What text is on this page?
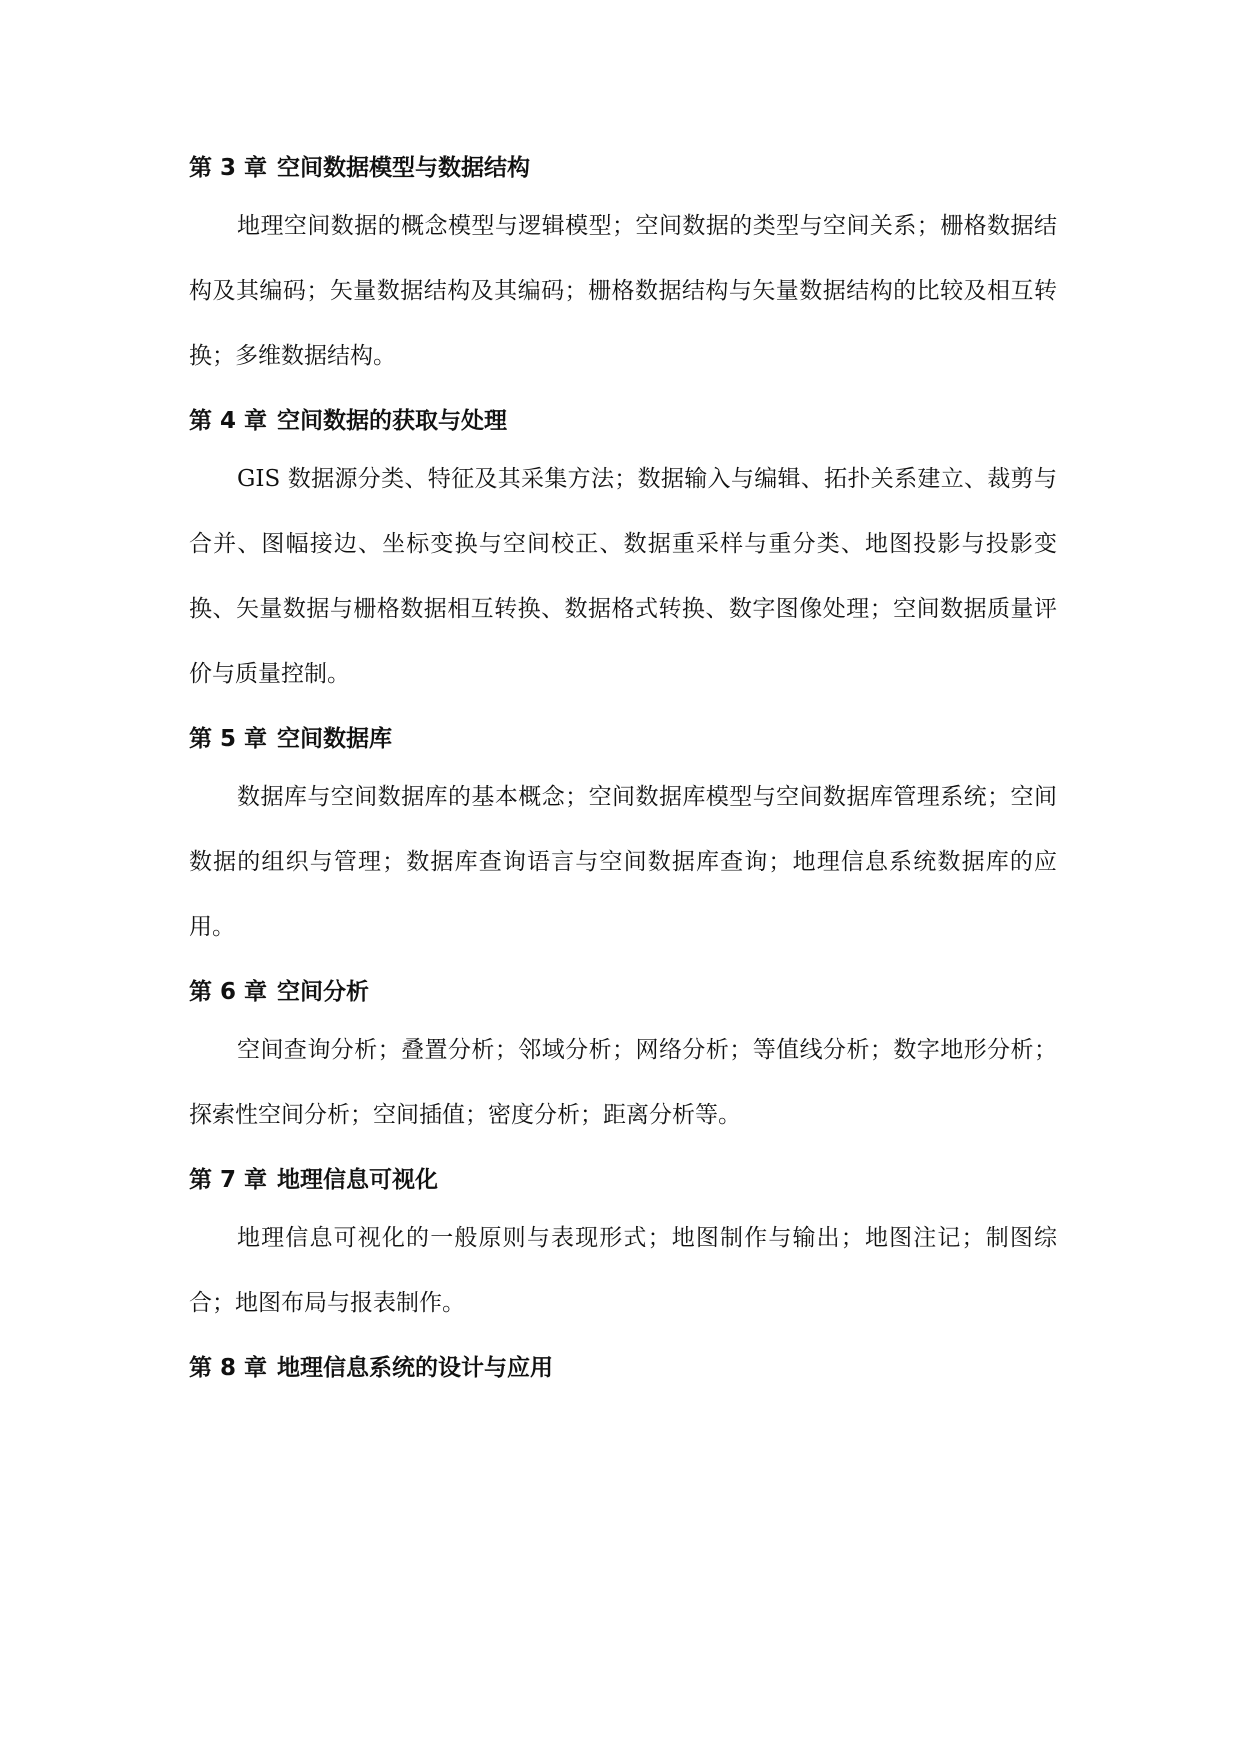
第 3 章 空间数据模型与数据结构

地理空间数据的概念模型与逻辑模型；空间数据的类型与空间关系；栅格数据结构及其编码；矢量数据结构及其编码；栅格数据结构与矢量数据结构的比较及相互转换；多维数据结构。

第 4 章 空间数据的获取与处理

GIS 数据源分类、特征及其采集方法；数据输入与编辑、拓扑关系建立、裁剪与合并、图幅接边、坐标变换与空间校正、数据重采样与重分类、地图投影与投影变换、矢量数据与栅格数据相互转换、数据格式转换、数字图像处理；空间数据质量评价与质量控制。

第 5 章 空间数据库

数据库与空间数据库的基本概念；空间数据库模型与空间数据库管理系统；空间数据的组织与管理；数据库查询语言与空间数据库查询；地理信息系统数据库的应用。

第 6 章 空间分析

空间查询分析；叠置分析；邻域分析；网络分析；等值线分析；数字地形分析；探索性空间分析；空间插值；密度分析；距离分析等。

第 7 章 地理信息可视化

地理信息可视化的一般原则与表现形式；地图制作与输出；地图注记；制图综合；地图布局与报表制作。

第 8 章 地理信息系统的设计与应用
